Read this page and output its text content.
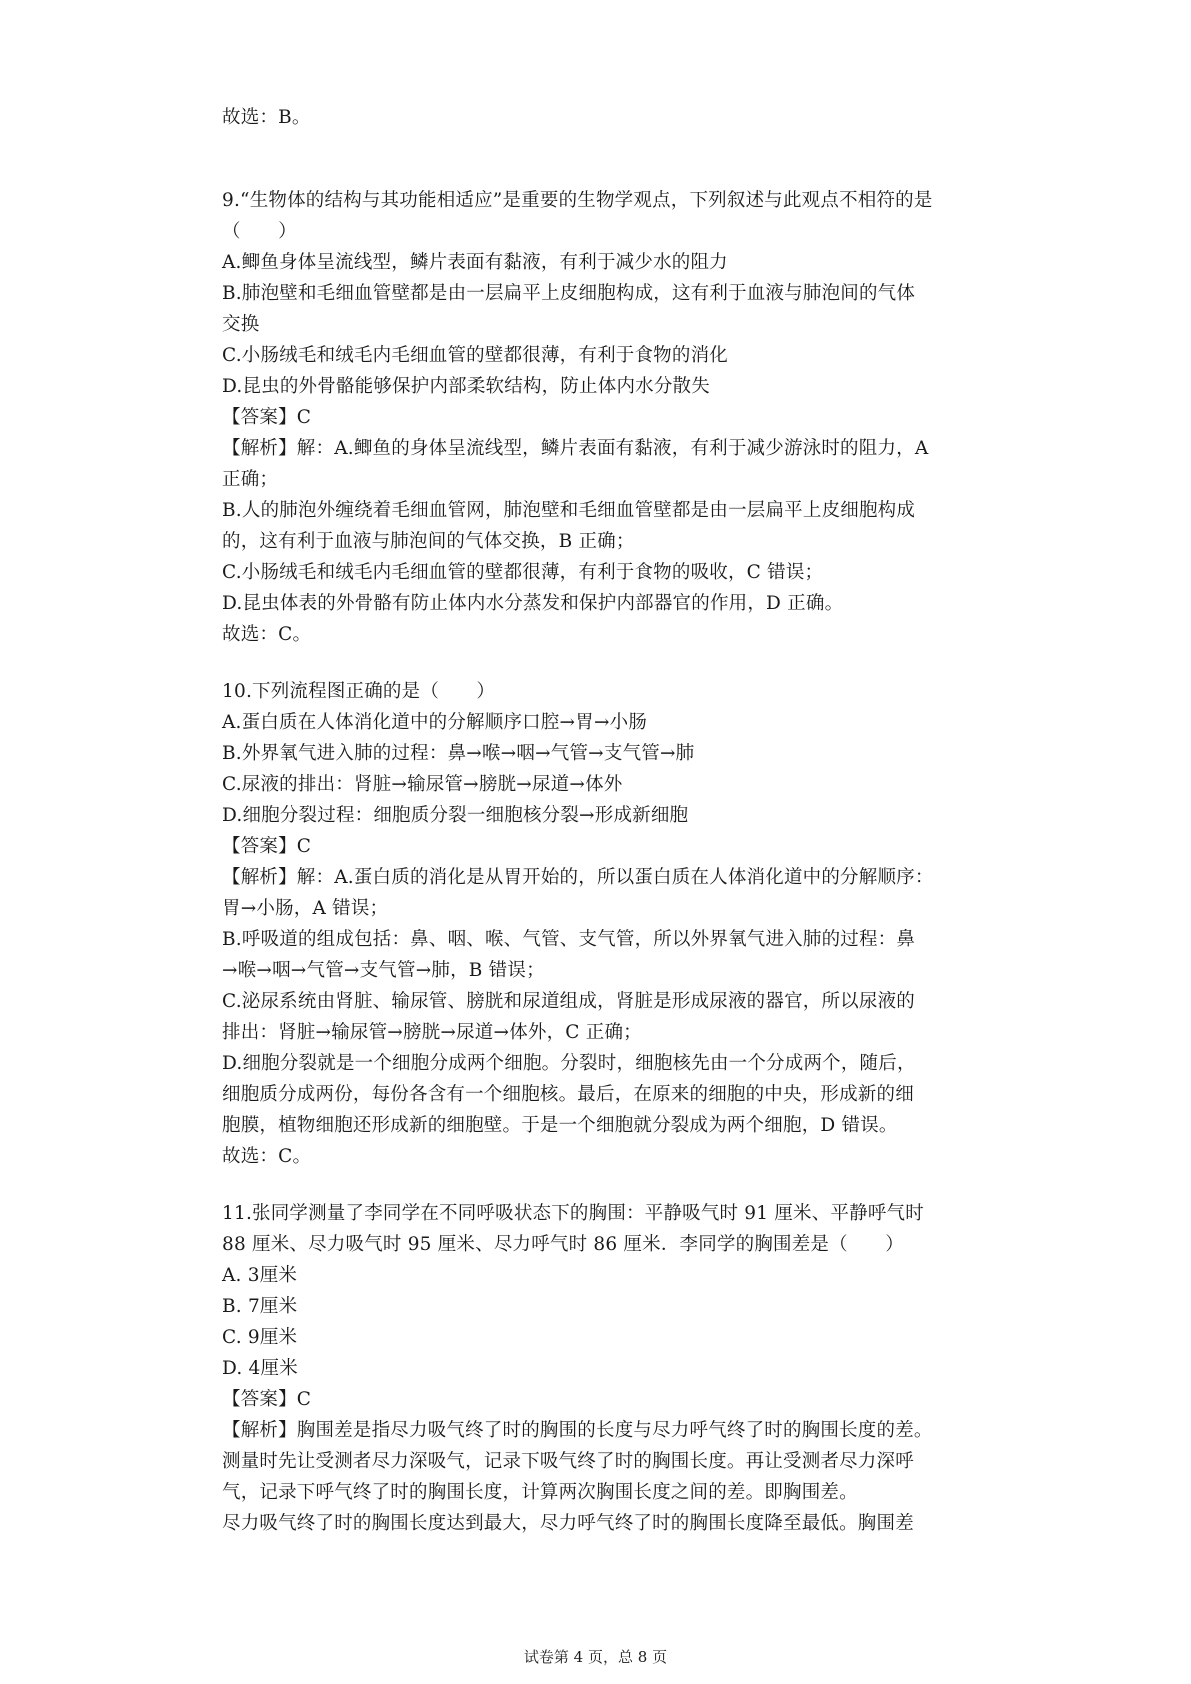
故选：B。
9.“生物体的结构与其功能相适应”是重要的生物学观点，下列叙述与此观点不相符的是
（　　）
A.鲫鱼身体呈流线型，鳞片表面有黏液，有利于减少水的阻力
B.肺泡壁和毛细血管壁都是由一层扁平上皮细胞构成，这有利于血液与肺泡间的气体
交换
C.小肠绒毛和绒毛内毛细血管的壁都很薄，有利于食物的消化
D.昆虫的外骨骼能够保护内部柔软结构，防止体内水分散失
【答案】C
【解析】解：A.鲫鱼的身体呈流线型，鳞片表面有黏液，有利于减少游泳时的阻力，A
正确；
B.人的肺泡外缠绕着毛细血管网，肺泡壁和毛细血管壁都是由一层扁平上皮细胞构成
的，这有利于血液与肺泡间的气体交换，B 正确；
C.小肠绒毛和绒毛内毛细血管的壁都很薄，有利于食物的吸收，C 错误；
D.昆虫体表的外骨骼有防止体内水分蒸发和保护内部器官的作用，D 正确。
故选：C。
10.下列流程图正确的是（　　）
A.蛋白质在人体消化道中的分解顺序口腔→胃→小肠
B.外界氧气进入肺的过程：鼻→喉→咽→气管→支气管→肺
C.尿液的排出：肾脏→输尿管→膀胱→尿道→体外
D.细胞分裂过程：细胞质分裂一细胞核分裂→形成新细胞
【答案】C
【解析】解：A.蛋白质的消化是从胃开始的，所以蛋白质在人体消化道中的分解顺序：
胃→小肠，A 错误；
B.呼吸道的组成包括：鼻、咽、喉、气管、支气管，所以外界氧气进入肺的过程：鼻
→喉→咽→气管→支气管→肺，B 错误；
C.泌尿系统由肾脏、输尿管、膀胱和尿道组成，肾脏是形成尿液的器官，所以尿液的
排出：肾脏→输尿管→膀胱→尿道→体外，C 正确；
D.细胞分裂就是一个细胞分成两个细胞。分裂时，细胞核先由一个分成两个，随后，
细胞质分成两份，每份各含有一个细胞核。最后，在原来的细胞的中央，形成新的细
胞膜，植物细胞还形成新的细胞壁。于是一个细胞就分裂成为两个细胞，D 错误。
故选：C。
11.张同学测量了李同学在不同呼吸状态下的胸围：平静吸气时 91 厘米、平静呼气时
88 厘米、尽力吸气时 95 厘米、尽力呼气时 86 厘米．李同学的胸围差是（　　）
A. 3厘米
B. 7厘米
C. 9厘米
D. 4厘米
【答案】C
【解析】胸围差是指尽力吸气终了时的胸围的长度与尽力呼气终了时的胸围长度的差。
测量时先让受测者尽力深吸气，记录下吸气终了时的胸围长度。再让受测者尽力深呼
气，记录下呼气终了时的胸围长度，计算两次胸围长度之间的差。即胸围差。
尽力吸气终了时的胸围长度达到最大，尽力呼气终了时的胸围长度降至最低。胸围差
试卷第 4 页，总 8 页
